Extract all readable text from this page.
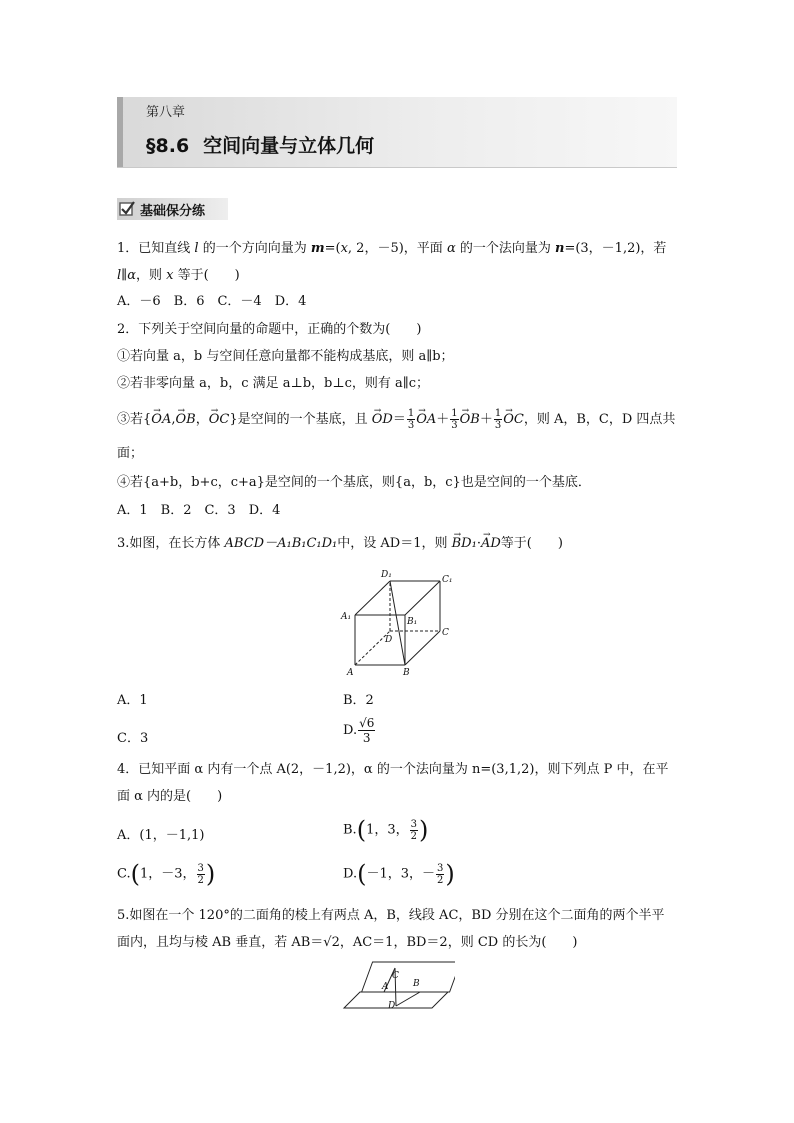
第八章
§8.6 空间向量与立体几何
基础保分练
1．已知直线 l 的一个方向向量为 m=(x, 2，－5)，平面 α 的一个法向量为 n=(3，－1,2)，若
l∥α，则 x 等于(　　)
A．－6　B．6　C．－4　D．4
2．下列关于空间向量的命题中，正确的个数为(　　)
①若向量 a，b 与空间任意向量都不能构成基底，则 a∥b；
②若非零向量 a，b，c 满足 a⊥b，b⊥c，则有 a∥c；
③若{→ OA,→ OB，→ OC}是空间的一个基底，且 → $OD= \frac{1}{3}$
→ $OA+ \frac{1}{3}$
→ $OB+ \frac{1}{3}$
→ OC，则 A，B，C，D 四点共
面；
④若{a+b，b+c，c+a}是空间的一个基底，则{a，b，c}也是空间的一个基底．
A．1　B．2　C．3　D．4
3.如图，在长方体 ABCD－A₁B₁C₁D₁中，设 AD＝1，则 → BD₁·→ AD等于(　　)
D₁	C₁
A₁	B₁
D
C
A	B
A．1	B．2
C．3
D. $\frac{√6}{3}$
4．已知平面 α 内有一个点 A(2，－1,2)，α 的一个法向量为 n=(3,1,2)，则下列点 P 中，在平
面 α 内的是(　　)
A．(1，－1,1)	B.(1，3， $\frac{3}{2}$ )
C.(1，－3， $\frac{3}{2}$ )	D.(－1，3，－ $\frac{3}{2}$ )
5.如图在一个 120°的二面角的棱上有两点 A，B，线段 AC，BD 分别在这个二面角的两个半平
面内，且均与棱 AB 垂直，若 AB＝√2，AC＝1，BD＝2，则 CD 的长为(　　)
C
B
A
D
